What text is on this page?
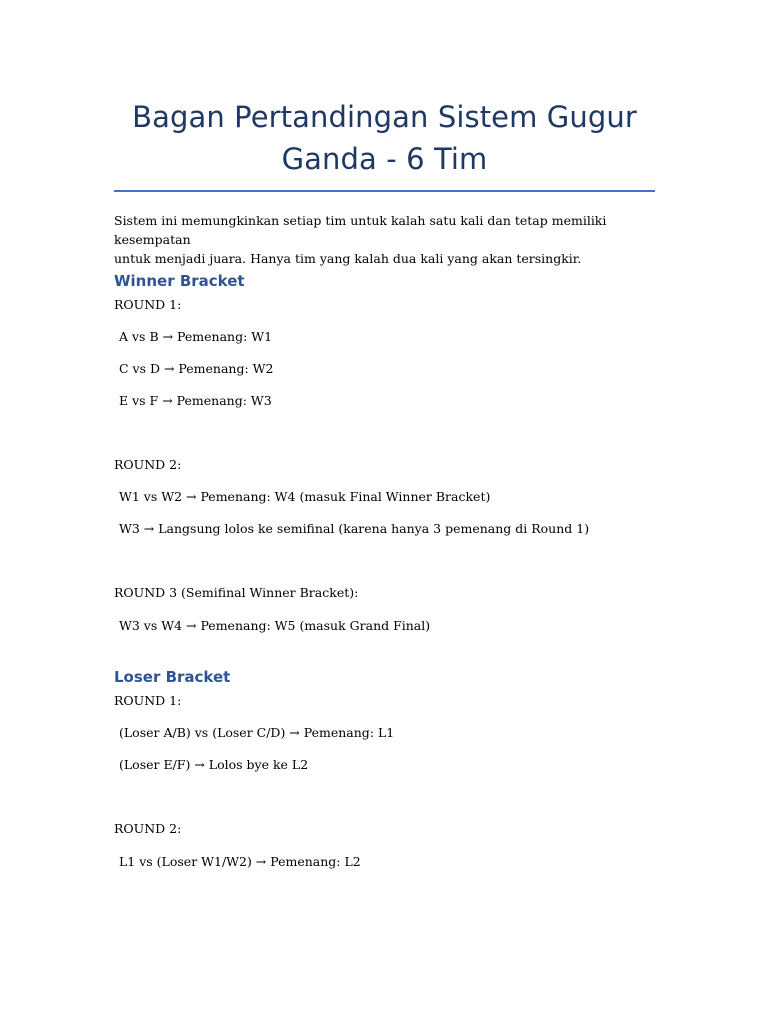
Bagan Pertandingan Sistem Gugur
Ganda - 6 Tim

Sistem ini memungkinkan setiap tim untuk kalah satu kali dan tetap memiliki kesempatan
untuk menjadi juara. Hanya tim yang kalah dua kali yang akan tersingkir.

Winner Bracket
ROUND 1:
A vs B → Pemenang: W1
C vs D → Pemenang: W2
E vs F → Pemenang: W3
ROUND 2:
W1 vs W2 → Pemenang: W4 (masuk Final Winner Bracket)
W3 → Langsung lolos ke semifinal (karena hanya 3 pemenang di Round 1)
ROUND 3 (Semifinal Winner Bracket):
W3 vs W4 → Pemenang: W5 (masuk Grand Final)
Loser Bracket
ROUND 1:
(Loser A/B) vs (Loser C/D) → Pemenang: L1
(Loser E/F) → Lolos bye ke L2
ROUND 2:
L1 vs (Loser W1/W2) → Pemenang: L2
